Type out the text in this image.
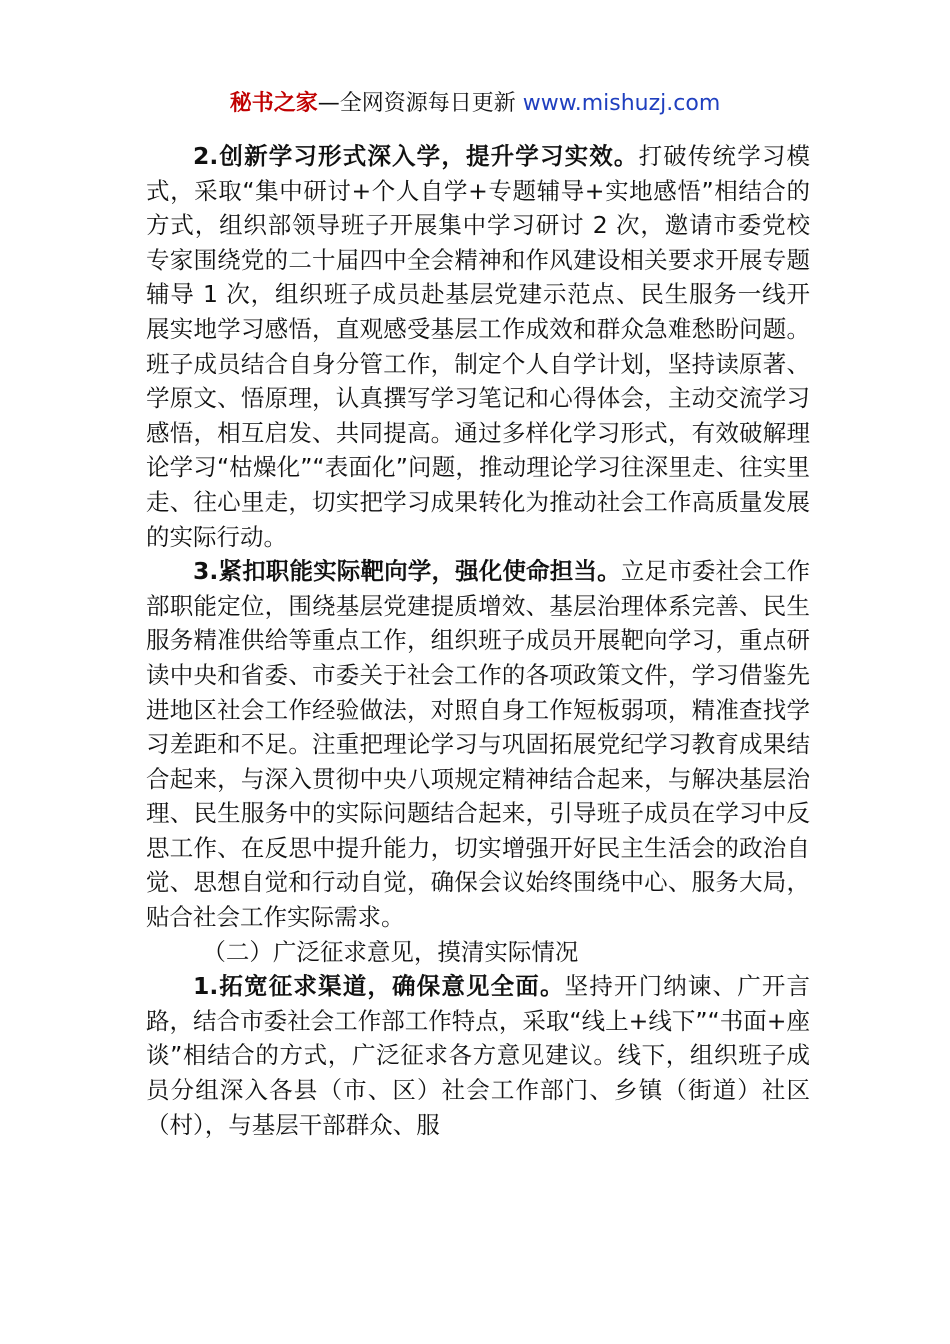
秘书之家—全网资源每日更新 www.mishuzj.com

2.创新学习形式深入学，提升学习实效。打破传统学习模式，采取“集中研讨+个人自学+专题辅导+实地感悟”相结合的方式，组织部领导班子开展集中学习研讨 2 次，邀请市委党校专家围绕党的二十届四中全会精神和作风建设相关要求开展专题辅导 1 次，组织班子成员赴基层党建示范点、民生服务一线开展实地学习感悟，直观感受基层工作成效和群众急难愁盼问题。班子成员结合自身分管工作，制定个人自学计划，坚持读原著、学原文、悟原理，认真撰写学习笔记和心得体会，主动交流学习感悟，相互启发、共同提高。通过多样化学习形式，有效破解理论学习“枯燥化”“表面化”问题，推动理论学习往深里走、往实里走、往心里走，切实把学习成果转化为推动社会工作高质量发展的实际行动。

3.紧扣职能实际靶向学，强化使命担当。立足市委社会工作部职能定位，围绕基层党建提质增效、基层治理体系完善、民生服务精准供给等重点工作，组织班子成员开展靶向学习，重点研读中央和省委、市委关于社会工作的各项政策文件，学习借鉴先进地区社会工作经验做法，对照自身工作短板弱项，精准查找学习差距和不足。注重把理论学习与巩固拓展党纪学习教育成果结合起来，与深入贯彻中央八项规定精神结合起来，与解决基层治理、民生服务中的实际问题结合起来，引导班子成员在学习中反思工作、在反思中提升能力，切实增强开好民主生活会的政治自觉、思想自觉和行动自觉，确保会议始终围绕中心、服务大局，贴合社会工作实际需求。

（二）广泛征求意见，摸清实际情况

1.拓宽征求渠道，确保意见全面。坚持开门纳谏、广开言路，结合市委社会工作部工作特点，采取“线上+线下”“书面+座谈”相结合的方式，广泛征求各方意见建议。线下，组织班子成员分组深入各县（市、区）社会工作部门、乡镇（街道）社区（村），与基层干部群众、服
